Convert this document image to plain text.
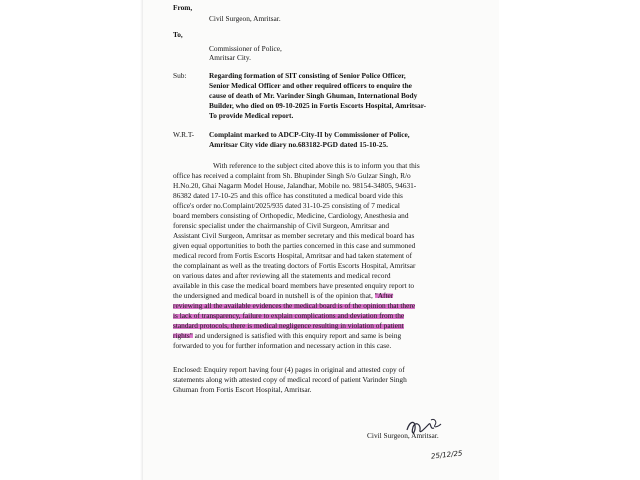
From,
Civil Surgeon, Amritsar.
To,
Commissioner of Police,
Amritsar City.
Sub:	Regarding formation of SIT consisting of Senior Police Officer,
Senior Medical Officer and other required officers to enquire the
cause of death of Mr. Varinder Singh Ghuman, International Body
Builder, who died on 09-10-2025 in Fortis Escorts Hospital, Amritsar-
To provide Medical report.
W.R.T- Complaint marked to ADCP-City-II by Commissioner of Police,
Amritsar City vide diary no.683182-PGD dated 15-10-25.
With reference to the subject cited above this is to inform you that this
office has received a complaint from Sh. Bhupinder Singh S/o Gulzar Singh, R/o
H.No.20, Ghai Nagarm Model House, Jalandhar, Mobile no. 98154-34805, 94631-
86382 dated 17-10-25 and this office has constituted a medical board vide this
office's order no.Complaint/2025/935 dated 31-10-25 consisting of 7 medical
board members consisting of Orthopedic, Medicine, Cardiology, Anesthesia and
forensic specialist under the chairmanship of Civil Surgeon, Amritsar and
Assistant Civil Surgeon, Amritsar as member secretary and this medical board has
given equal opportunities to both the parties concerned in this case and summoned
medical record from Fortis Escorts Hospital, Amritsar and had taken statement of
the complainant as well as the treating doctors of Fortis Escorts Hospital, Amritsar
on various dates and after reviewing all the statements and medical record
available in this case the medical board members have presented enquiry report to
the undersigned and medical board in nutshell is of the opinion that, "After
reviewing all the available evidences the medical board is of the opinion that there
is lack of transparency, failure to explain complications and deviation from the
standard protocols, there is medical negligence resulting in violation of patient
rights" and undersigned is satisfied with this enquiry report and same is being
forwarded to you for further information and necessary action in this case.
Enclosed: Enquiry report having four (4) pages in original and attested copy of
statements along with attested copy of medical record of patient Varinder Singh
Ghuman from Fortis Escort Hospital, Amritsar.
Civil Surgeon, Amritsar.
25/12/25
